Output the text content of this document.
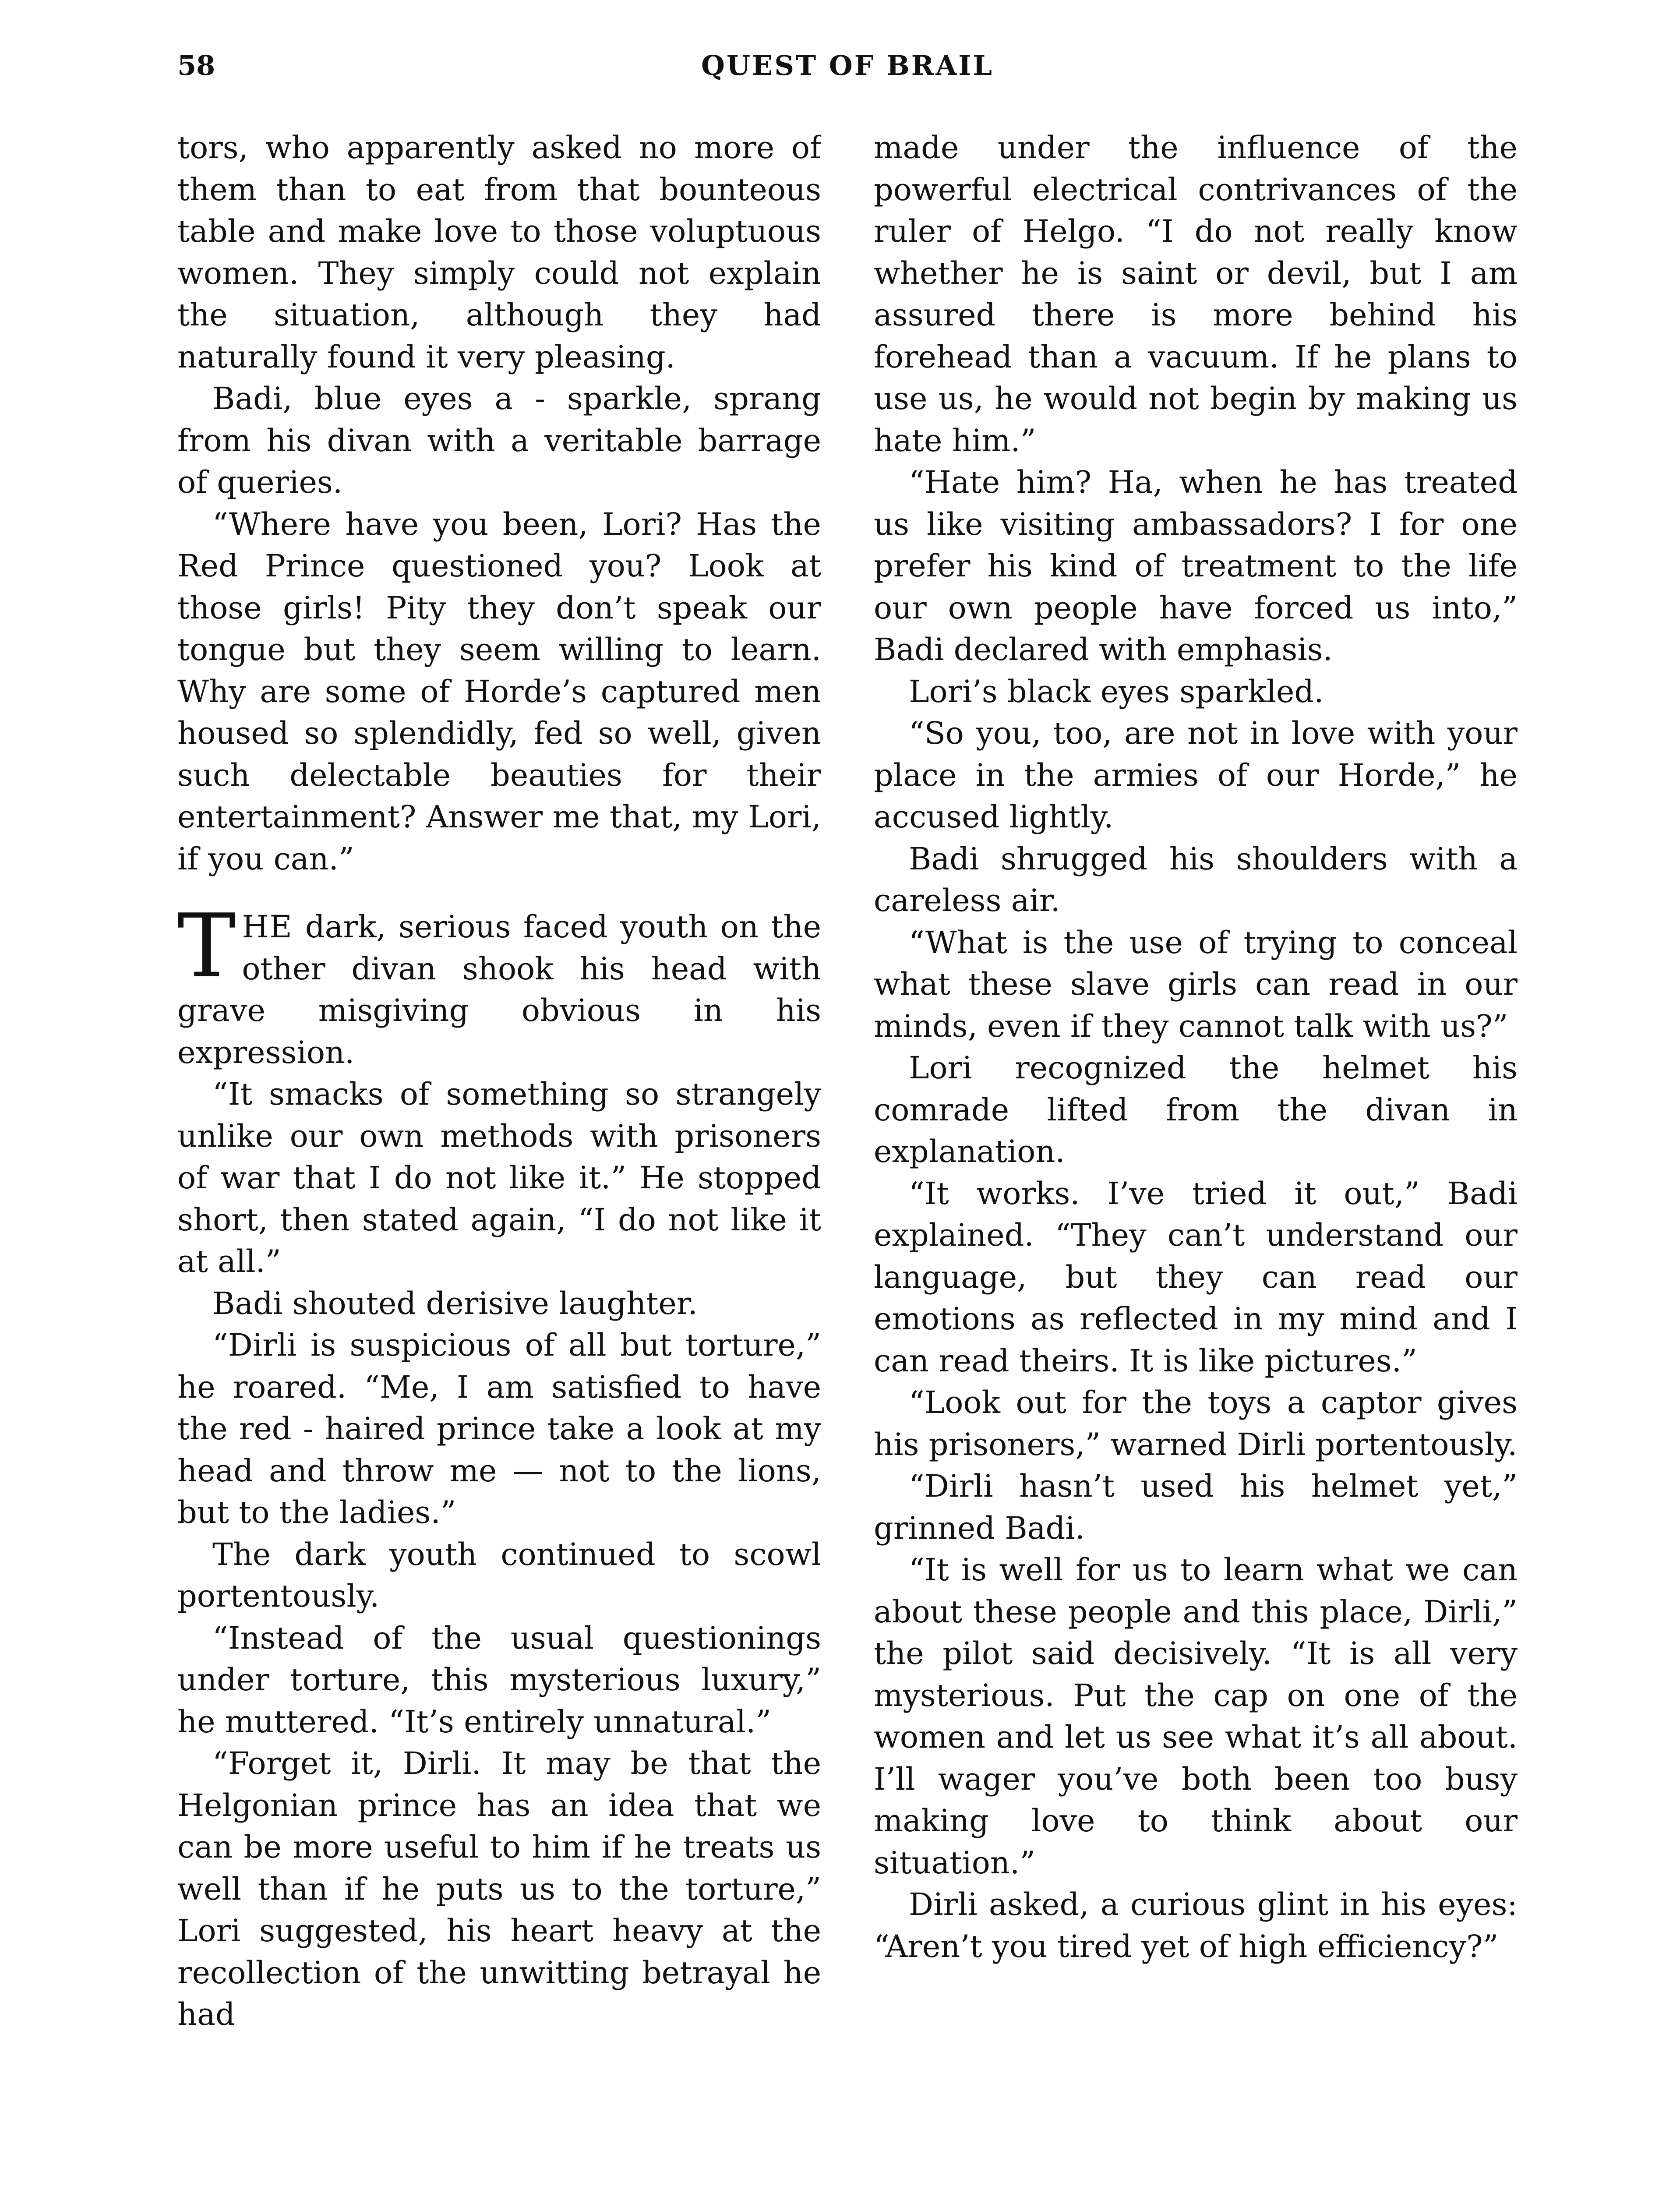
58	QUEST OF BRAIL

tors, who apparently asked no more of them than to eat from that bounteous table and make love to those voluptuous women. They simply could not explain the situation, although they had naturally found it very pleasing.

Badi, blue eyes a - sparkle, sprang from his divan with a veritable barrage of queries.

“Where have you been, Lori? Has the Red Prince questioned you? Look at those girls! Pity they don’t speak our tongue but they seem willing to learn. Why are some of Horde’s captured men housed so splendidly, fed so well, given such delectable beauties for their entertainment? Answer me that, my Lori, if you can.”

THE dark, serious faced youth on the other divan shook his head with grave misgiving obvious in his expression.

“It smacks of something so strangely unlike our own methods with prisoners of war that I do not like it.” He stopped short, then stated again, “I do not like it at all.”

Badi shouted derisive laughter.

“Dirli is suspicious of all but torture,” he roared. “Me, I am satisfied to have the red - haired prince take a look at my head and throw me — not to the lions, but to the ladies.”

The dark youth continued to scowl portentously.

“Instead of the usual questionings under torture, this mysterious luxury,” he muttered. “It’s entirely unnatural.”

“Forget it, Dirli. It may be that the Helgonian prince has an idea that we can be more useful to him if he treats us well than if he puts us to the torture,” Lori suggested, his heart heavy at the recollection of the unwitting betrayal he had

made under the influence of the powerful electrical contrivances of the ruler of Helgo. “I do not really know whether he is saint or devil, but I am assured there is more behind his forehead than a vacuum. If he plans to use us, he would not begin by making us hate him.”

“Hate him? Ha, when he has treated us like visiting ambassadors? I for one prefer his kind of treatment to the life our own people have forced us into,” Badi declared with emphasis.

Lori’s black eyes sparkled.

“So you, too, are not in love with your place in the armies of our Horde,” he accused lightly.

Badi shrugged his shoulders with a careless air.

“What is the use of trying to conceal what these slave girls can read in our minds, even if they cannot talk with us?”

Lori recognized the helmet his comrade lifted from the divan in explanation.

“It works. I’ve tried it out,” Badi explained. “They can’t understand our language, but they can read our emotions as reflected in my mind and I can read theirs. It is like pictures.”

“Look out for the toys a captor gives his prisoners,” warned Dirli portentously.

“Dirli hasn’t used his helmet yet,” grinned Badi.

“It is well for us to learn what we can about these people and this place, Dirli,” the pilot said decisively. “It is all very mysterious. Put the cap on one of the women and let us see what it’s all about. I’ll wager you’ve both been too busy making love to think about our situation.”

Dirli asked, a curious glint in his eyes: “Aren’t you tired yet of high efficiency?”
